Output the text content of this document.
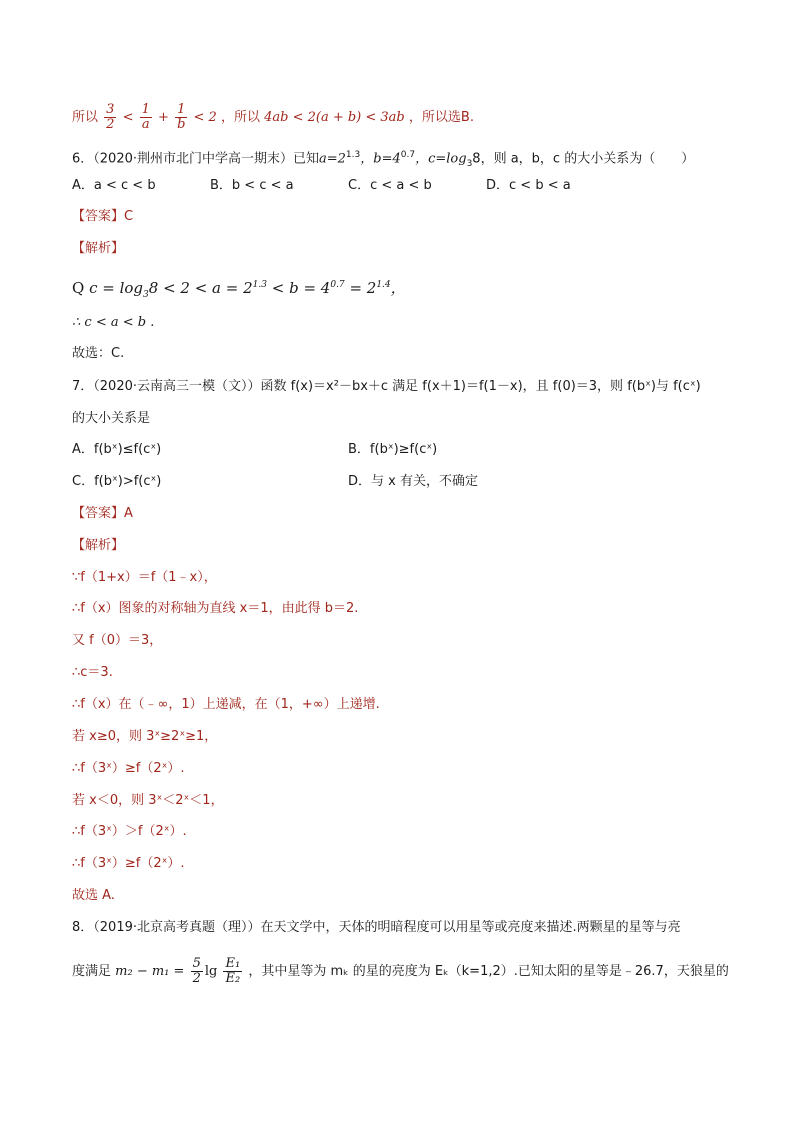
所以 $\frac{3}{2} < \frac{1}{a} + \frac{1}{b} < 2$ ，所以 4ab < 2(a + b) < 3ab ，所以选B.
6．（2020·荆州市北门中学高一期末）已知$a=2^{1.3}$，$b=4^{0.7}$，$c=\log_38$，则 a，b，c 的大小关系为（　　）
A．a < c < b	B．b < c < a	C．c < a < b	D．c < b < a
【答案】C
【解析】
Q $c = \log_38 < 2 < a = 2^{1.3} < b = 4^{0.7} = 2^{1.4}$，
∴ c < a < b .
故选：C.
7．（2020·云南高三一模（文））函数 f(x)＝x²－bx＋c 满足 f(x＋1)＝f(1－x)，且 f(0)＝3，则 f(bˣ)与 f(cˣ)
的大小关系是
A．f(bˣ)≤f(cˣ)	B．f(bˣ)≥f(cˣ)
C．f(bˣ)>f(cˣ)	D．与 x 有关，不确定
【答案】A
【解析】
∵f（1+x）＝f（1﹣x），
∴f（x）图象的对称轴为直线 x＝1，由此得 b＝2.
又 f（0）＝3，
∴c＝3.
∴f（x）在（﹣∞，1）上递减，在（1，+∞）上递增.
若 x≥0，则 3ˣ≥2ˣ≥1，
∴f（3ˣ）≥f（2ˣ）.
若 x＜0，则 3ˣ＜2ˣ＜1，
∴f（3ˣ）＞f（2ˣ）.
∴f（3ˣ）≥f（2ˣ）.
故选 A.
8．（2019·北京高考真题（理））在天文学中，天体的明暗程度可以用星等或亮度来描述.两颗星的星等与亮
度满足 $m_2 - m_1 = \frac{5}{2}$ $\lg \frac{\text{E₁}}{\text{E₂}}$ ，其中星等为 mₖ 的星的亮度为 Eₖ（k=1,2）.已知太阳的星等是﹣26.7，天狼星的
